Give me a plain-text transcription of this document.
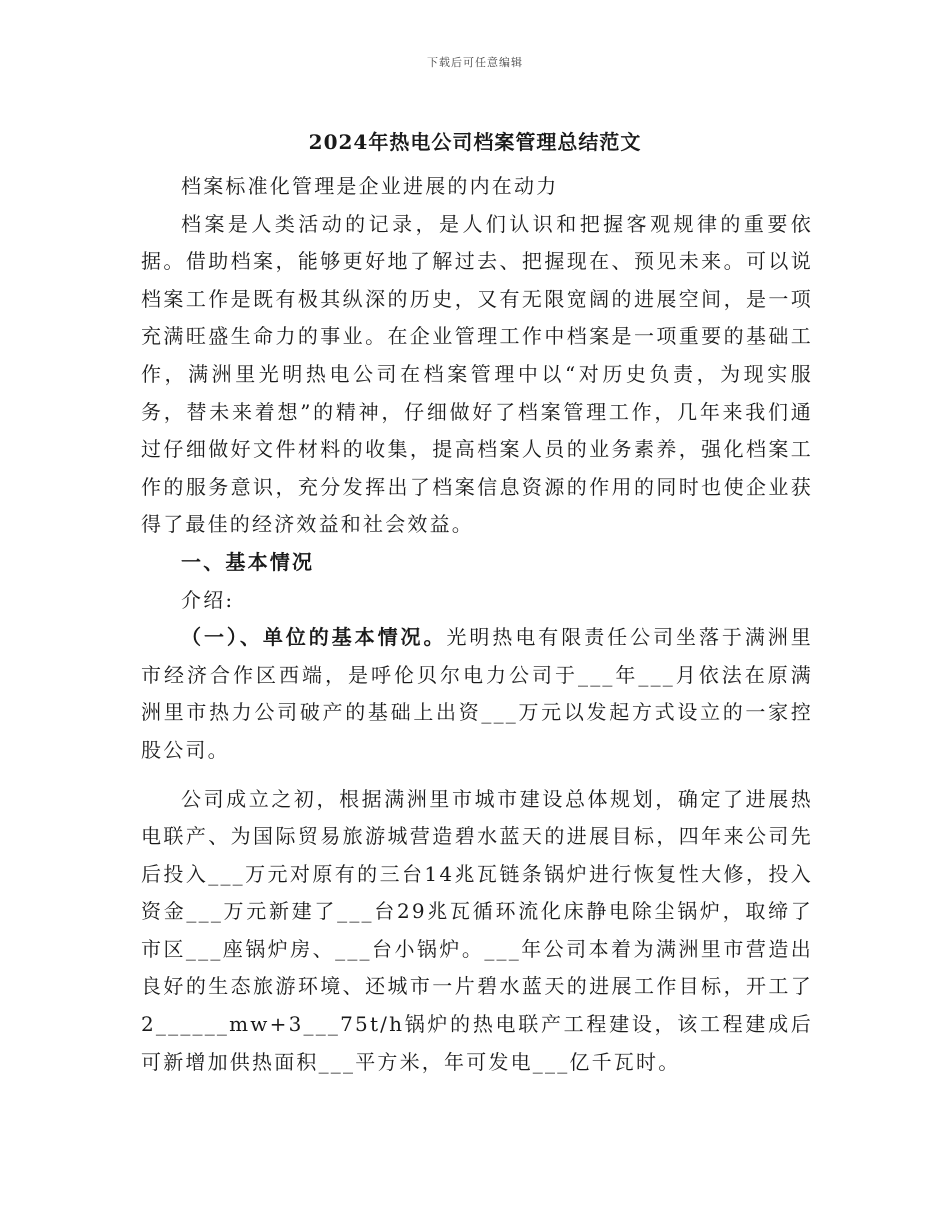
下载后可任意编辑
2024年热电公司档案管理总结范文

档案标准化管理是企业进展的内在动力

档案是人类活动的记录，是人们认识和把握客观规律的重要依据。借助档案，能够更好地了解过去、把握现在、预见未来。可以说档案工作是既有极其纵深的历史，又有无限宽阔的进展空间，是一项充满旺盛生命力的事业。在企业管理工作中档案是一项重要的基础工作，满洲里光明热电公司在档案管理中以“对历史负责，为现实服务，替未来着想”的精神，仔细做好了档案管理工作，几年来我们通过仔细做好文件材料的收集，提高档案人员的业务素养，强化档案工作的服务意识，充分发挥出了档案信息资源的作用的同时也使企业获得了最佳的经济效益和社会效益。

一、基本情况

介绍:

（一）、单位的基本情况。光明热电有限责任公司坐落于满洲里市经济合作区西端，是呼伦贝尔电力公司于___年___月依法在原满洲里市热力公司破产的基础上出资___万元以发起方式设立的一家控股公司。

公司成立之初，根据满洲里市城市建设总体规划，确定了进展热电联产、为国际贸易旅游城营造碧水蓝天的进展目标，四年来公司先后投入___万元对原有的三台14兆瓦链条锅炉进行恢复性大修，投入资金___万元新建了___台29兆瓦循环流化床静电除尘锅炉，取缔了市区___座锅炉房、___台小锅炉。___年公司本着为满洲里市营造出良好的生态旅游环境、还城市一片碧水蓝天的进展工作目标，开工了2______mw+3___75t/h锅炉的热电联产工程建设，该工程建成后可新增加供热面积___平方米，年可发电___亿千瓦时。
